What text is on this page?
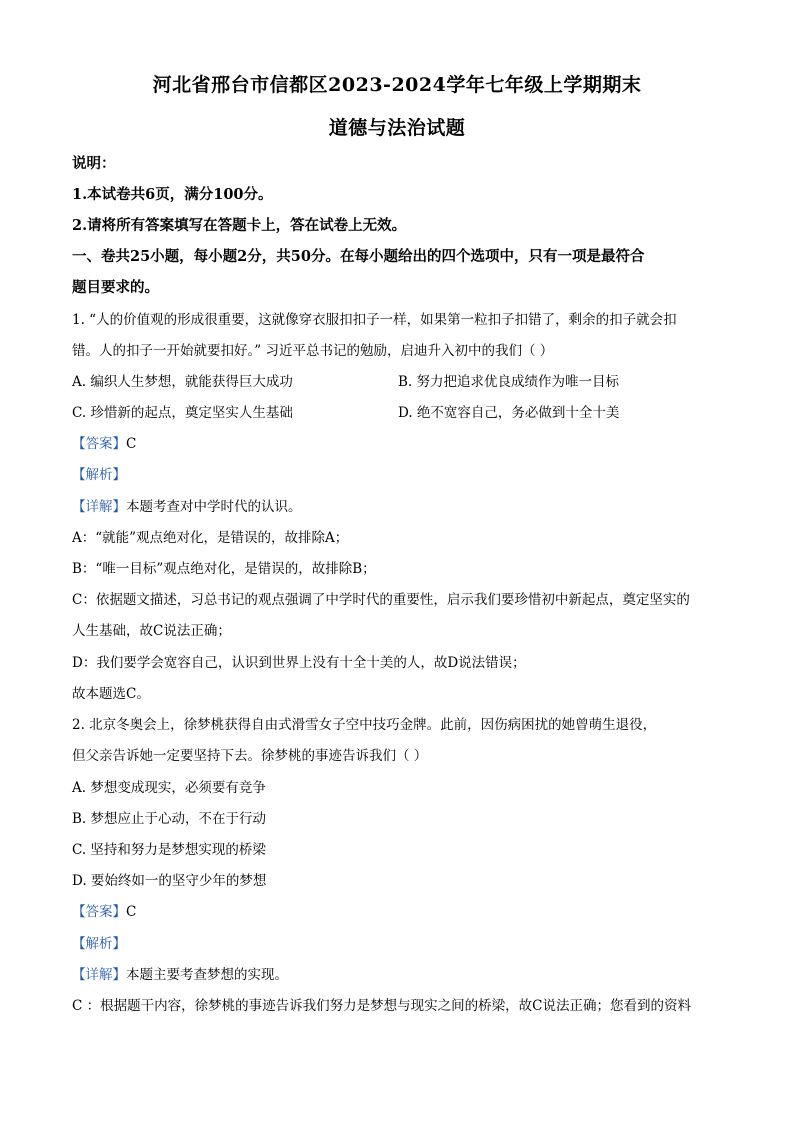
河北省邢台市信都区2023-2024学年七年级上学期期末
道德与法治试题
说明：
1.本试卷共6页，满分100分。
2.请将所有答案填写在答题卡上，答在试卷上无效。
一、卷共25小题，每小题2分，共50分。在每小题给出的四个选项中，只有一项是最符合
题目要求的。
1. “人的价值观的形成很重要，这就像穿衣服扣扣子一样，如果第一粒扣子扣错了，剩余的扣子就会扣
错。人的扣子一开始就要扣好。” 习近平总书记的勉励，启迪升入初中的我们（ ）
A. 编织人生梦想，就能获得巨大成功	B. 努力把追求优良成绩作为唯一目标
C. 珍惜新的起点，奠定坚实人生基础	D. 绝不宽容自己，务必做到十全十美
【答案】C
【解析】
【详解】本题考查对中学时代的认识。
A：“就能”观点绝对化，是错误的，故排除A；
B：“唯一目标”观点绝对化，是错误的，故排除B；
C：依据题文描述，习总书记的观点强调了中学时代的重要性，启示我们要珍惜初中新起点，奠定坚实的
人生基础，故C说法正确；
D：我们要学会宽容自己，认识到世界上没有十全十美的人，故D说法错误；
故本题选C。
2. 北京冬奥会上，徐梦桃获得自由式滑雪女子空中技巧金牌。此前，因伤病困扰的她曾萌生退役，
但父亲告诉她一定要坚持下去。徐梦桃的事迹告诉我们（ ）
A. 梦想变成现实，必须要有竞争
B. 梦想应止于心动，不在于行动
C. 坚持和努力是梦想实现的桥梁
D. 要始终如一的坚守少年的梦想
【答案】C
【解析】
【详解】本题主要考查梦想的实现。
C ：根据题干内容，徐梦桃的事迹告诉我们努力是梦想与现实之间的桥梁，故C说法正确；您看到的资料
